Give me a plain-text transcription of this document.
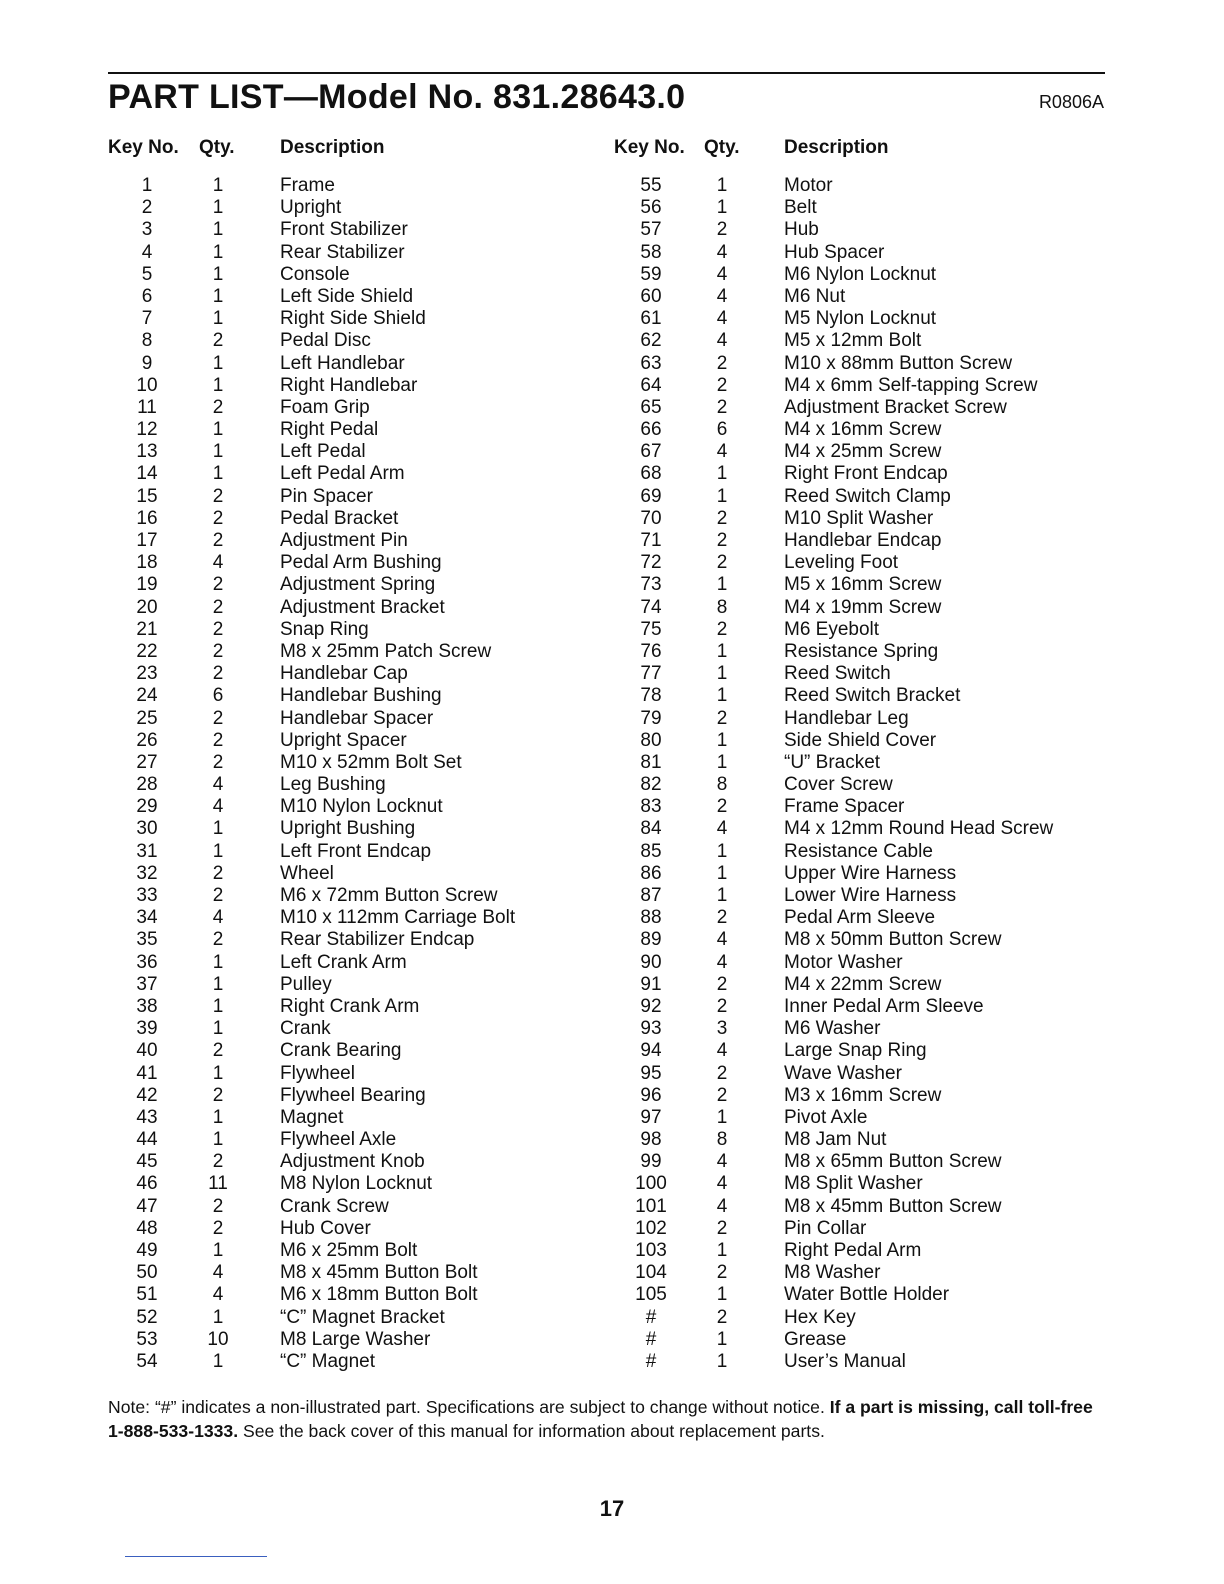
PART LIST—Model No. 831.28643.0	R0806A
Key No. Qty. Description	Key No. Qty. Description
1	1	Frame
2	1	Upright
3	1	Front Stabilizer
4	1	Rear Stabilizer
5	1	Console
6	1	Left Side Shield
7	1	Right Side Shield
8	2	Pedal Disc
9	1	Left Handlebar
10	1	Right Handlebar
11	2	Foam Grip
12	1	Right Pedal
13	1	Left Pedal
14	1	Left Pedal Arm
15	2	Pin Spacer
16	2	Pedal Bracket
17	2	Adjustment Pin
18	4	Pedal Arm Bushing
19	2	Adjustment Spring
20	2	Adjustment Bracket
21	2	Snap Ring
22	2	M8 x 25mm Patch Screw
23	2	Handlebar Cap
24	6	Handlebar Bushing
25	2	Handlebar Spacer
26	2	Upright Spacer
27	2	M10 x 52mm Bolt Set
28	4	Leg Bushing
29	4	M10 Nylon Locknut
30	1	Upright Bushing
31	1	Left Front Endcap
32	2	Wheel
33	2	M6 x 72mm Button Screw
34	4	M10 x 112mm Carriage Bolt
35	2	Rear Stabilizer Endcap
36	1	Left Crank Arm
37	1	Pulley
38	1	Right Crank Arm
39	1	Crank
40	2	Crank Bearing
41	1	Flywheel
42	2	Flywheel Bearing
43	1	Magnet
44	1	Flywheel Axle
45	2	Adjustment Knob
46	11	M8 Nylon Locknut
47	2	Crank Screw
48	2	Hub Cover
49	1	M6 x 25mm Bolt
50	4	M8 x 45mm Button Bolt
51	4	M6 x 18mm Button Bolt
52	1	“C” Magnet Bracket
53	10	M8 Large Washer
54	1	“C” Magnet
55	1	Motor
56	1	Belt
57	2	Hub
58	4	Hub Spacer
59	4	M6 Nylon Locknut
60	4	M6 Nut
61	4	M5 Nylon Locknut
62	4	M5 x 12mm Bolt
63	2	M10 x 88mm Button Screw
64	2	M4 x 6mm Self-tapping Screw
65	2	Adjustment Bracket Screw
66	6	M4 x 16mm Screw
67	4	M4 x 25mm Screw
68	1	Right Front Endcap
69	1	Reed Switch Clamp
70	2	M10 Split Washer
71	2	Handlebar Endcap
72	2	Leveling Foot
73	1	M5 x 16mm Screw
74	8	M4 x 19mm Screw
75	2	M6 Eyebolt
76	1	Resistance Spring
77	1	Reed Switch
78	1	Reed Switch Bracket
79	2	Handlebar Leg
80	1	Side Shield Cover
81	1	“U” Bracket
82	8	Cover Screw
83	2	Frame Spacer
84	4	M4 x 12mm Round Head Screw
85	1	Resistance Cable
86	1	Upper Wire Harness
87	1	Lower Wire Harness
88	2	Pedal Arm Sleeve
89	4	M8 x 50mm Button Screw
90	4	Motor Washer
91	2	M4 x 22mm Screw
92	2	Inner Pedal Arm Sleeve
93	3	M6 Washer
94	4	Large Snap Ring
95	2	Wave Washer
96	2	M3 x 16mm Screw
97	1	Pivot Axle
98	8	M8 Jam Nut
99	4	M8 x 65mm Button Screw
100	4	M8 Split Washer
101	4	M8 x 45mm Button Screw
102	2	Pin Collar
103	1	Right Pedal Arm
104	2	M8 Washer
105	1	Water Bottle Holder
#	2	Hex Key
#	1	Grease
#	1	User’s Manual
Note: “#” indicates a non-illustrated part. Specifications are subject to change without notice. If a part is missing, call toll-free 1-888-533-1333. See the back cover of this manual for information about replacement parts.
17
